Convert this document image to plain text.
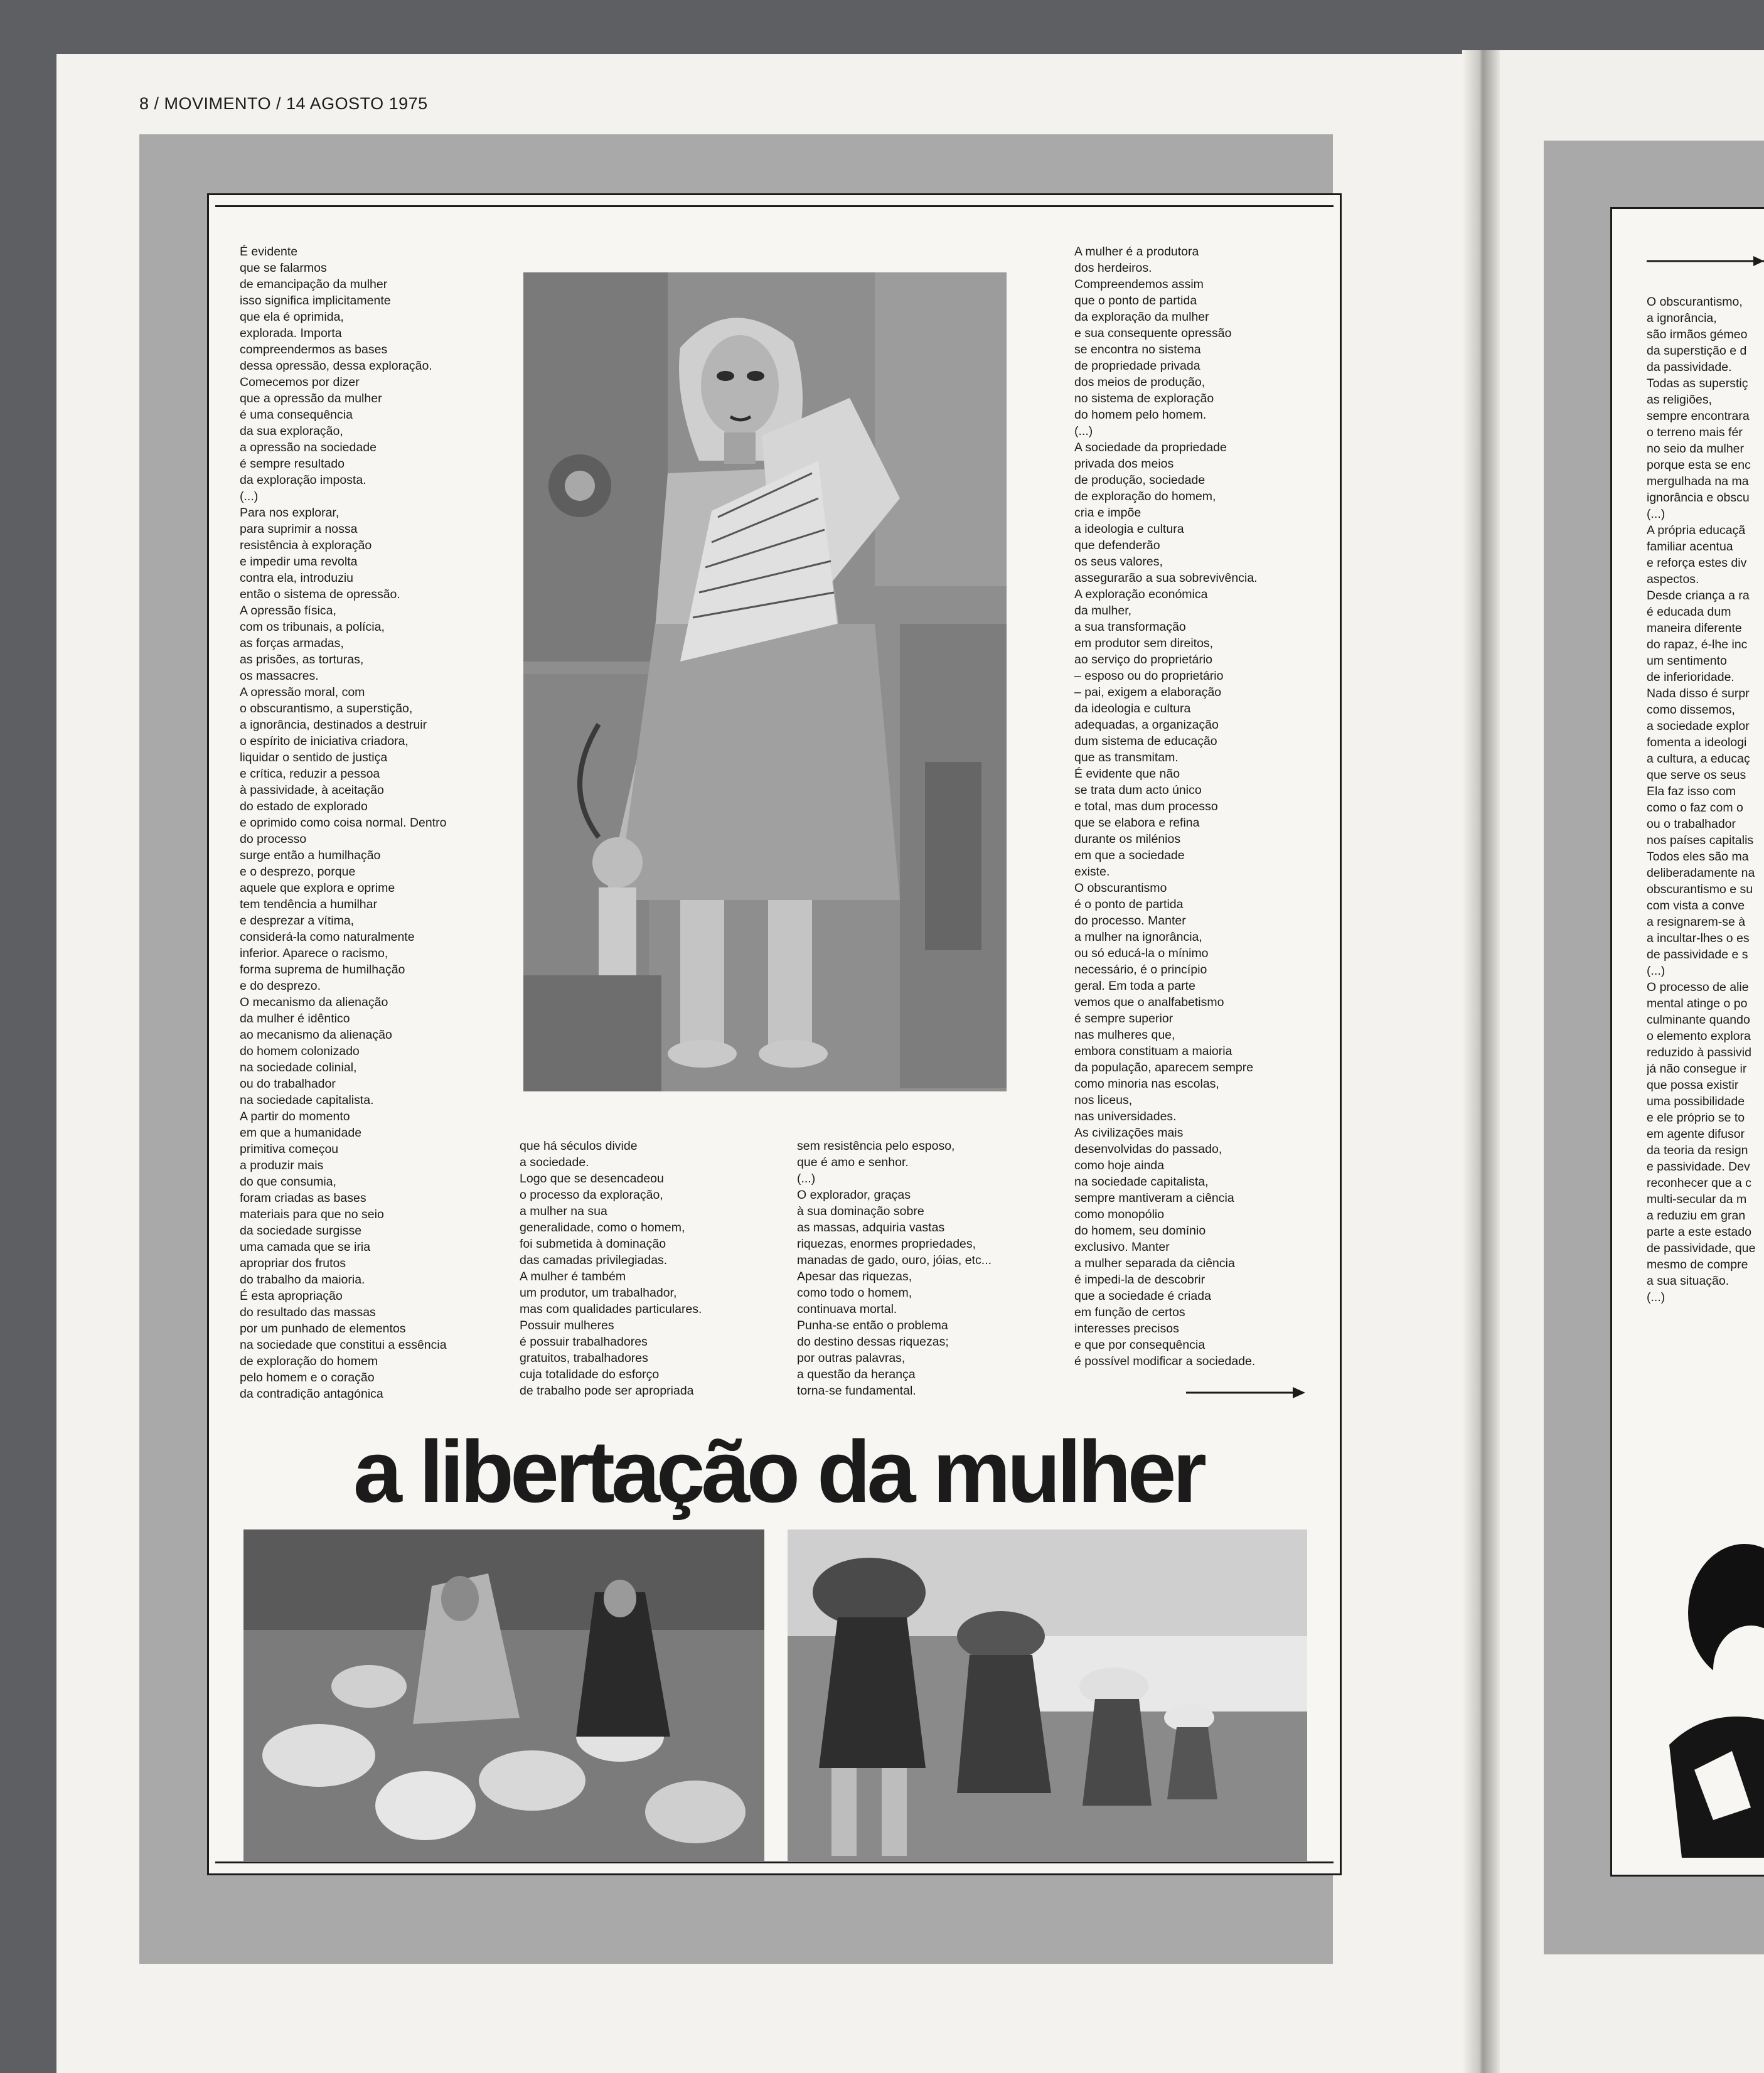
8 / MOVIMENTO / 14 AGOSTO 1975
É evidente
que se falarmos
de emancipação da mulher
isso significa implicitamente
que ela é oprimida,
explorada. Importa
compreendermos as bases
dessa opressão, dessa exploração.
Comecemos por dizer
que a opressão da mulher
é uma consequência
da sua exploração,
a opressão na sociedade
é sempre resultado
da exploração imposta.
(...)
Para nos explorar,
para suprimir a nossa
resistência à exploração
e impedir uma revolta
contra ela, introduziu
então o sistema de opressão.
A opressão física,
com os tribunais, a polícia,
as forças armadas,
as prisões, as torturas,
os massacres.
A opressão moral, com
o obscurantismo, a superstição,
a ignorância, destinados a destruir
o espírito de iniciativa criadora,
liquidar o sentido de justiça
e crítica, reduzir a pessoa
à passividade, à aceitação
do estado de explorado
e oprimido como coisa normal. Dentro
do processo
surge então a humilhação
e o desprezo, porque
aquele que explora e oprime
tem tendência a humilhar
e desprezar a vítima,
considerá-la como naturalmente
inferior. Aparece o racismo,
forma suprema de humilhação
e do desprezo.
O mecanismo da alienação
da mulher é idêntico
ao mecanismo da alienação
do homem colonizado
na sociedade colinial,
ou do trabalhador
na sociedade capitalista.
A partir do momento
em que a humanidade
primitiva começou
a produzir mais
do que consumia,
foram criadas as bases
materiais para que no seio
da sociedade surgisse
uma camada que se iria
apropriar dos frutos
do trabalho da maioria.
É esta apropriação
do resultado das massas
por um punhado de elementos
na sociedade que constitui a essência
de exploração do homem
pelo homem e o coração
da contradição antagónica
que há séculos divide
a sociedade.
Logo que se desencadeou
o processo da exploração,
a mulher na sua
generalidade, como o homem,
foi submetida à dominação
das camadas privilegiadas.
A mulher é também
um produtor, um trabalhador,
mas com qualidades particulares.
Possuir mulheres
é possuir trabalhadores
gratuitos, trabalhadores
cuja totalidade do esforço
de trabalho pode ser apropriada
sem resistência pelo esposo,
que é amo e senhor.
(...)
O explorador, graças
à sua dominação sobre
as massas, adquiria vastas
riquezas, enormes propriedades,
manadas de gado, ouro, jóias, etc...
Apesar das riquezas,
como todo o homem,
continuava mortal.
Punha-se então o problema
do destino dessas riquezas;
por outras palavras,
a questão da herança
torna-se fundamental.
A mulher é a produtora
dos herdeiros.
Compreendemos assim
que o ponto de partida
da exploração da mulher
e sua consequente opressão
se encontra no sistema
de propriedade privada
dos meios de produção,
no sistema de exploração
do homem pelo homem.
(...)
A sociedade da propriedade
privada dos meios
de produção, sociedade
de exploração do homem,
cria e impõe
a ideologia e cultura
que defenderão
os seus valores,
assegurarão a sua sobrevivência.
A exploração económica
da mulher,
a sua transformação
em produtor sem direitos,
ao serviço do proprietário
– esposo ou do proprietário
– pai, exigem a elaboração
da ideologia e cultura
adequadas, a organização
dum sistema de educação
que as transmitam.
É evidente que não
se trata dum acto único
e total, mas dum processo
que se elabora e refina
durante os milénios
em que a sociedade
existe.
O obscurantismo
é o ponto de partida
do processo. Manter
a mulher na ignorância,
ou só educá-la o mínimo
necessário, é o princípio
geral. Em toda a parte
vemos que o analfabetismo
é sempre superior
nas mulheres que,
embora constituam a maioria
da população, aparecem sempre
como minoria nas escolas,
nos liceus,
nas universidades.
As civilizações mais
desenvolvidas do passado,
como hoje ainda
na sociedade capitalista,
sempre mantiveram a ciência
como monopólio
do homem, seu domínio
exclusivo. Manter
a mulher separada da ciência
é impedi-la de descobrir
que a sociedade é criada
em função de certos
interesses precisos
e que por consequência
é possível modificar a sociedade.
a libertação da mulher
O obscurantismo,
a ignorância,
são irmãos gémeo
da superstição e d
da passividade.
Todas as superstiç
as religiões,
sempre encontrara
o terreno mais fér
no seio da mulher
porque esta se enc
mergulhada na ma
ignorância e obscu
(...)
A própria educaçã
familiar acentua
e reforça estes div
aspectos.
Desde criança a ra
é educada dum
maneira diferente
do rapaz, é-lhe inc
um sentimento
de inferioridade.
Nada disso é surpr
como dissemos,
a sociedade explor
fomenta a ideologi
a cultura, a educaç
que serve os seus
Ela faz isso com
como o faz com o
ou o trabalhador
nos países capitalis
Todos eles são ma
deliberadamente na
obscurantismo e su
com vista a conve
a resignarem-se à
a incultar-lhes o es
de passividade e s
(...)
O processo de alie
mental atinge o po
culminante quando
o elemento explora
reduzido à passivid
já não consegue ir
que possa existir
uma possibilidade
e ele próprio se to
em agente difusor
da teoria da resign
e passividade. Dev
reconhecer que a c
multi-secular da m
a reduziu em gran
parte a este estado
de passividade, que
mesmo de compre
a sua situação.
(...)
